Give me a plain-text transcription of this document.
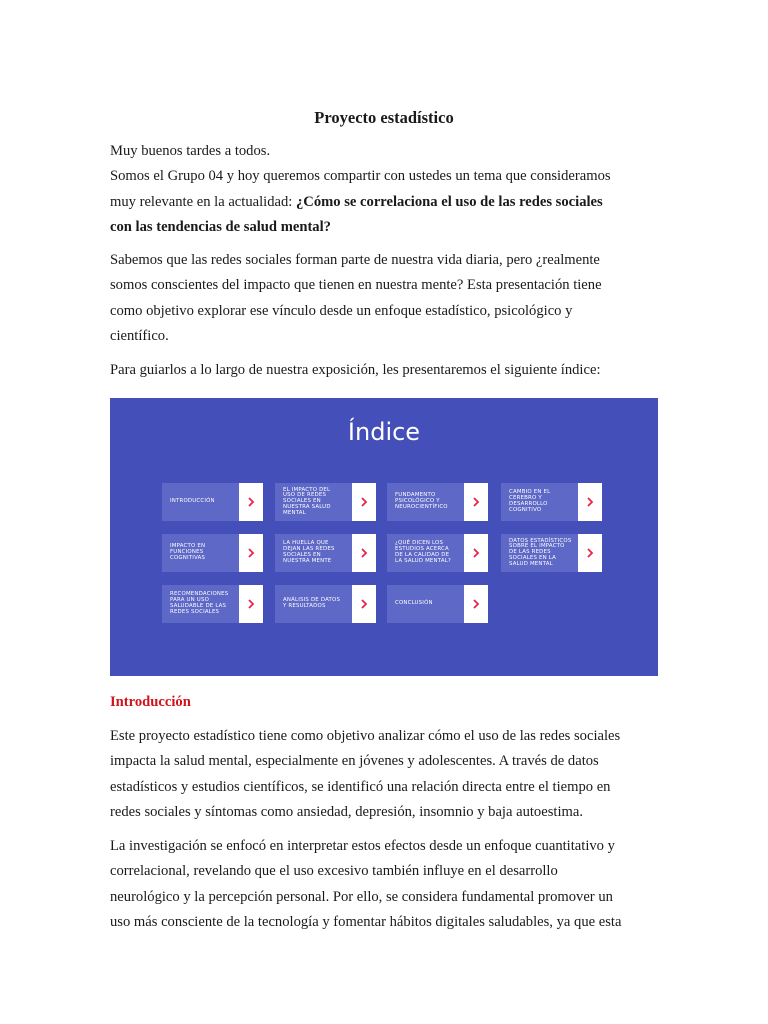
Proyecto estadístico
Muy buenos tardes a todos.
Somos el Grupo 04 y hoy queremos compartir con ustedes un tema que consideramos
muy relevante en la actualidad: ¿Cómo se correlaciona el uso de las redes sociales
con las tendencias de salud mental?
Sabemos que las redes sociales forman parte de nuestra vida diaria, pero ¿realmente
somos conscientes del impacto que tienen en nuestra mente? Esta presentación tiene
como objetivo explorar ese vínculo desde un enfoque estadístico, psicológico y
científico.
Para guiarlos a lo largo de nuestra exposición, les presentaremos el siguiente índice:
Índice
INTRODUCCIÓN
EL IMPACTO DEL
USO DE REDES
SOCIALES EN
NUESTRA SALUD
MENTAL
FUNDAMENTO
PSICOLÓGICO Y
NEUROCIENTÍFICO
CAMBIO EN EL
CEREBRO Y
DESARROLLO
COGNITIVO
IMPACTO EN
FUNCIONES
COGNITIVAS
LA HUELLA QUE
DEJAN LAS REDES
SOCIALES EN
NUESTRA MENTE
¿QUÉ DICEN LOS
ESTUDIOS ACERCA
DE LA CALIDAD DE
LA SALUD MENTAL?
DATOS ESTADÍSTICOS
SOBRE EL IMPACTO
DE LAS REDES
SOCIALES EN LA
SALUD MENTAL
RECOMENDACIONES
PARA UN USO
SALUDABLE DE LAS
REDES SOCIALES
ANÁLISIS DE DATOS
Y RESULTADOS	CONCLUSIÓN
Introducción
Este proyecto estadístico tiene como objetivo analizar cómo el uso de las redes sociales
impacta la salud mental, especialmente en jóvenes y adolescentes. A través de datos
estadísticos y estudios científicos, se identificó una relación directa entre el tiempo en
redes sociales y síntomas como ansiedad, depresión, insomnio y baja autoestima.
La investigación se enfocó en interpretar estos efectos desde un enfoque cuantitativo y
correlacional, revelando que el uso excesivo también influye en el desarrollo
neurológico y la percepción personal. Por ello, se considera fundamental promover un
uso más consciente de la tecnología y fomentar hábitos digitales saludables, ya que esta
